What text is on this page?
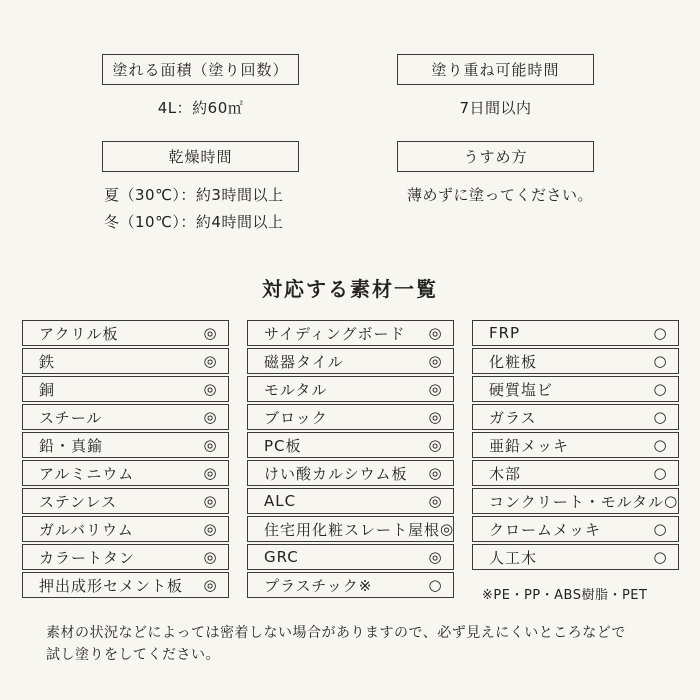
塗れる面積（塗り回数）
4L：約60㎡
塗り重ね可能時間
7日間以内
乾燥時間
夏（30℃）：約3時間以上
冬（10℃）：約4時間以上
うすめ方
薄めずに塗ってください。
対応する素材一覧
アクリル板	◎
鉄	◎
銅	◎
スチール	◎
鉛・真鍮	◎
アルミニウム	◎
ステンレス	◎
ガルバリウム	◎
カラートタン	◎
押出成形セメント板 ◎
サイディングボード ◎
磁器タイル	◎
モルタル	◎
ブロック	◎
PC板	◎
けい酸カルシウム板 ◎
ALC	◎
住宅用化粧スレート屋根 ◎
GRC	◎
プラスチック※	○
FRP	○
化粧板	○
硬質塩ビ	○
ガラス	○
亜鉛メッキ	○
木部	○
コンクリート・モルタル ○
クロームメッキ	○
人工木	○
※PE・PP・ABS樹脂・PET
素材の状況などによっては密着しない場合がありますので、必ず見えにくいところなどで
試し塗りをしてください。
